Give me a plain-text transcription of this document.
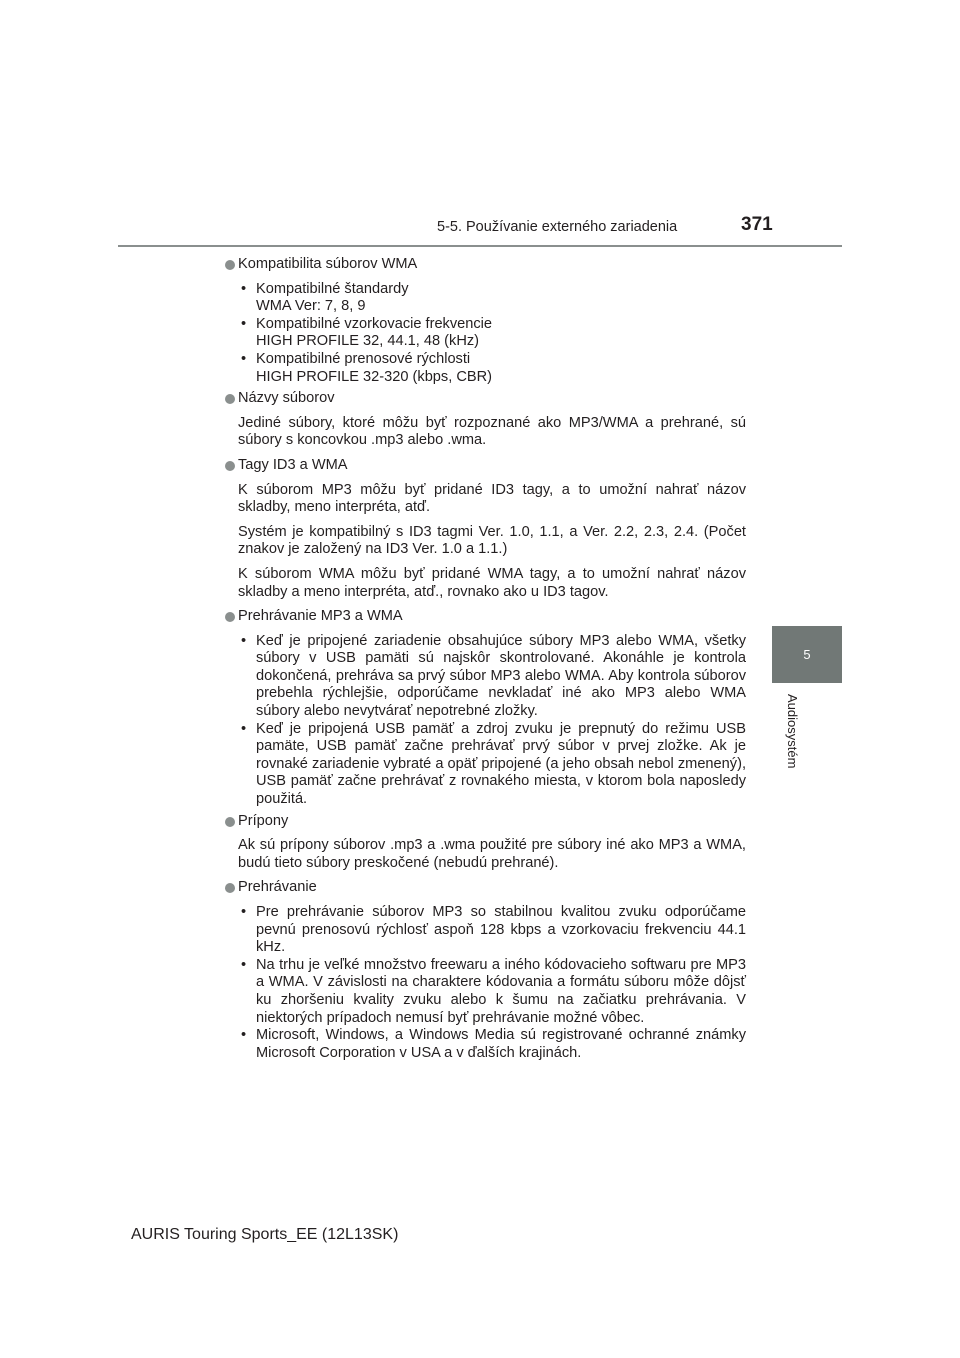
5-5. Používanie externého zariadenia	371
5
Audiosystém
Kompatibilita súborov WMA
• Kompatibilné štandardy
WMA Ver: 7, 8, 9
• Kompatibilné vzorkovacie frekvencie
HIGH PROFILE 32, 44.1, 48 (kHz)
• Kompatibilné prenosové rýchlosti
HIGH PROFILE 32-320 (kbps, CBR)
Názvy súborov

Jediné súbory, ktoré môžu byť rozpoznané ako MP3/WMA a prehrané, sú súbory s koncovkou .mp3 alebo .wma.

Tagy ID3 a WMA

K súborom MP3 môžu byť pridané ID3 tagy, a to umožní nahrať názov skladby, meno interpréta, atď.

Systém je kompatibilný s ID3 tagmi Ver. 1.0, 1.1, a Ver. 2.2, 2.3, 2.4. (Počet znakov je založený na ID3 Ver. 1.0 a 1.1.)

K súborom WMA môžu byť pridané WMA tagy, a to umožní nahrať názov skladby a meno interpréta, atď., rovnako ako u ID3 tagov.

Prehrávanie MP3 a WMA
• Keď je pripojené zariadenie obsahujúce súbory MP3 alebo WMA, všetky súbory v USB pamäti sú najskôr skontrolované. Akonáhle je kontrola dokončená, prehráva sa prvý súbor MP3 alebo WMA. Aby kontrola súborov prebehla rýchlejšie, odporúčame nevkladať iné ako MP3 alebo WMA súbory alebo nevytvárať nepotrebné zložky.
• Keď je pripojená USB pamäť a zdroj zvuku je prepnutý do režimu USB pamäte, USB pamäť začne prehrávať prvý súbor v prvej zložke. Ak je rovnaké zariadenie vybraté a opäť pripojené (a jeho obsah nebol zmenený), USB pamäť začne prehrávať z rovnakého miesta, v ktorom bola naposledy použitá.
Prípony

Ak sú prípony súborov .mp3 a .wma použité pre súbory iné ako MP3 a WMA, budú tieto súbory preskočené (nebudú prehrané).

Prehrávanie
• Pre prehrávanie súborov MP3 so stabilnou kvalitou zvuku odporúčame pevnú prenosovú rýchlosť aspoň 128 kbps a vzorkovaciu frekvenciu 44.1 kHz.
• Na trhu je veľké množstvo freewaru a iného kódovacieho softwaru pre MP3 a WMA. V závislosti na charaktere kódovania a formátu súboru môže dôjsť ku zhoršeniu kvality zvuku alebo k šumu na začiatku prehrávania. V niektorých prípadoch nemusí byť prehrávanie možné vôbec.
• Microsoft, Windows, a Windows Media sú registrované ochranné známky Microsoft Corporation v USA a v ďalších krajinách.
AURIS Touring Sports_EE (12L13SK)
